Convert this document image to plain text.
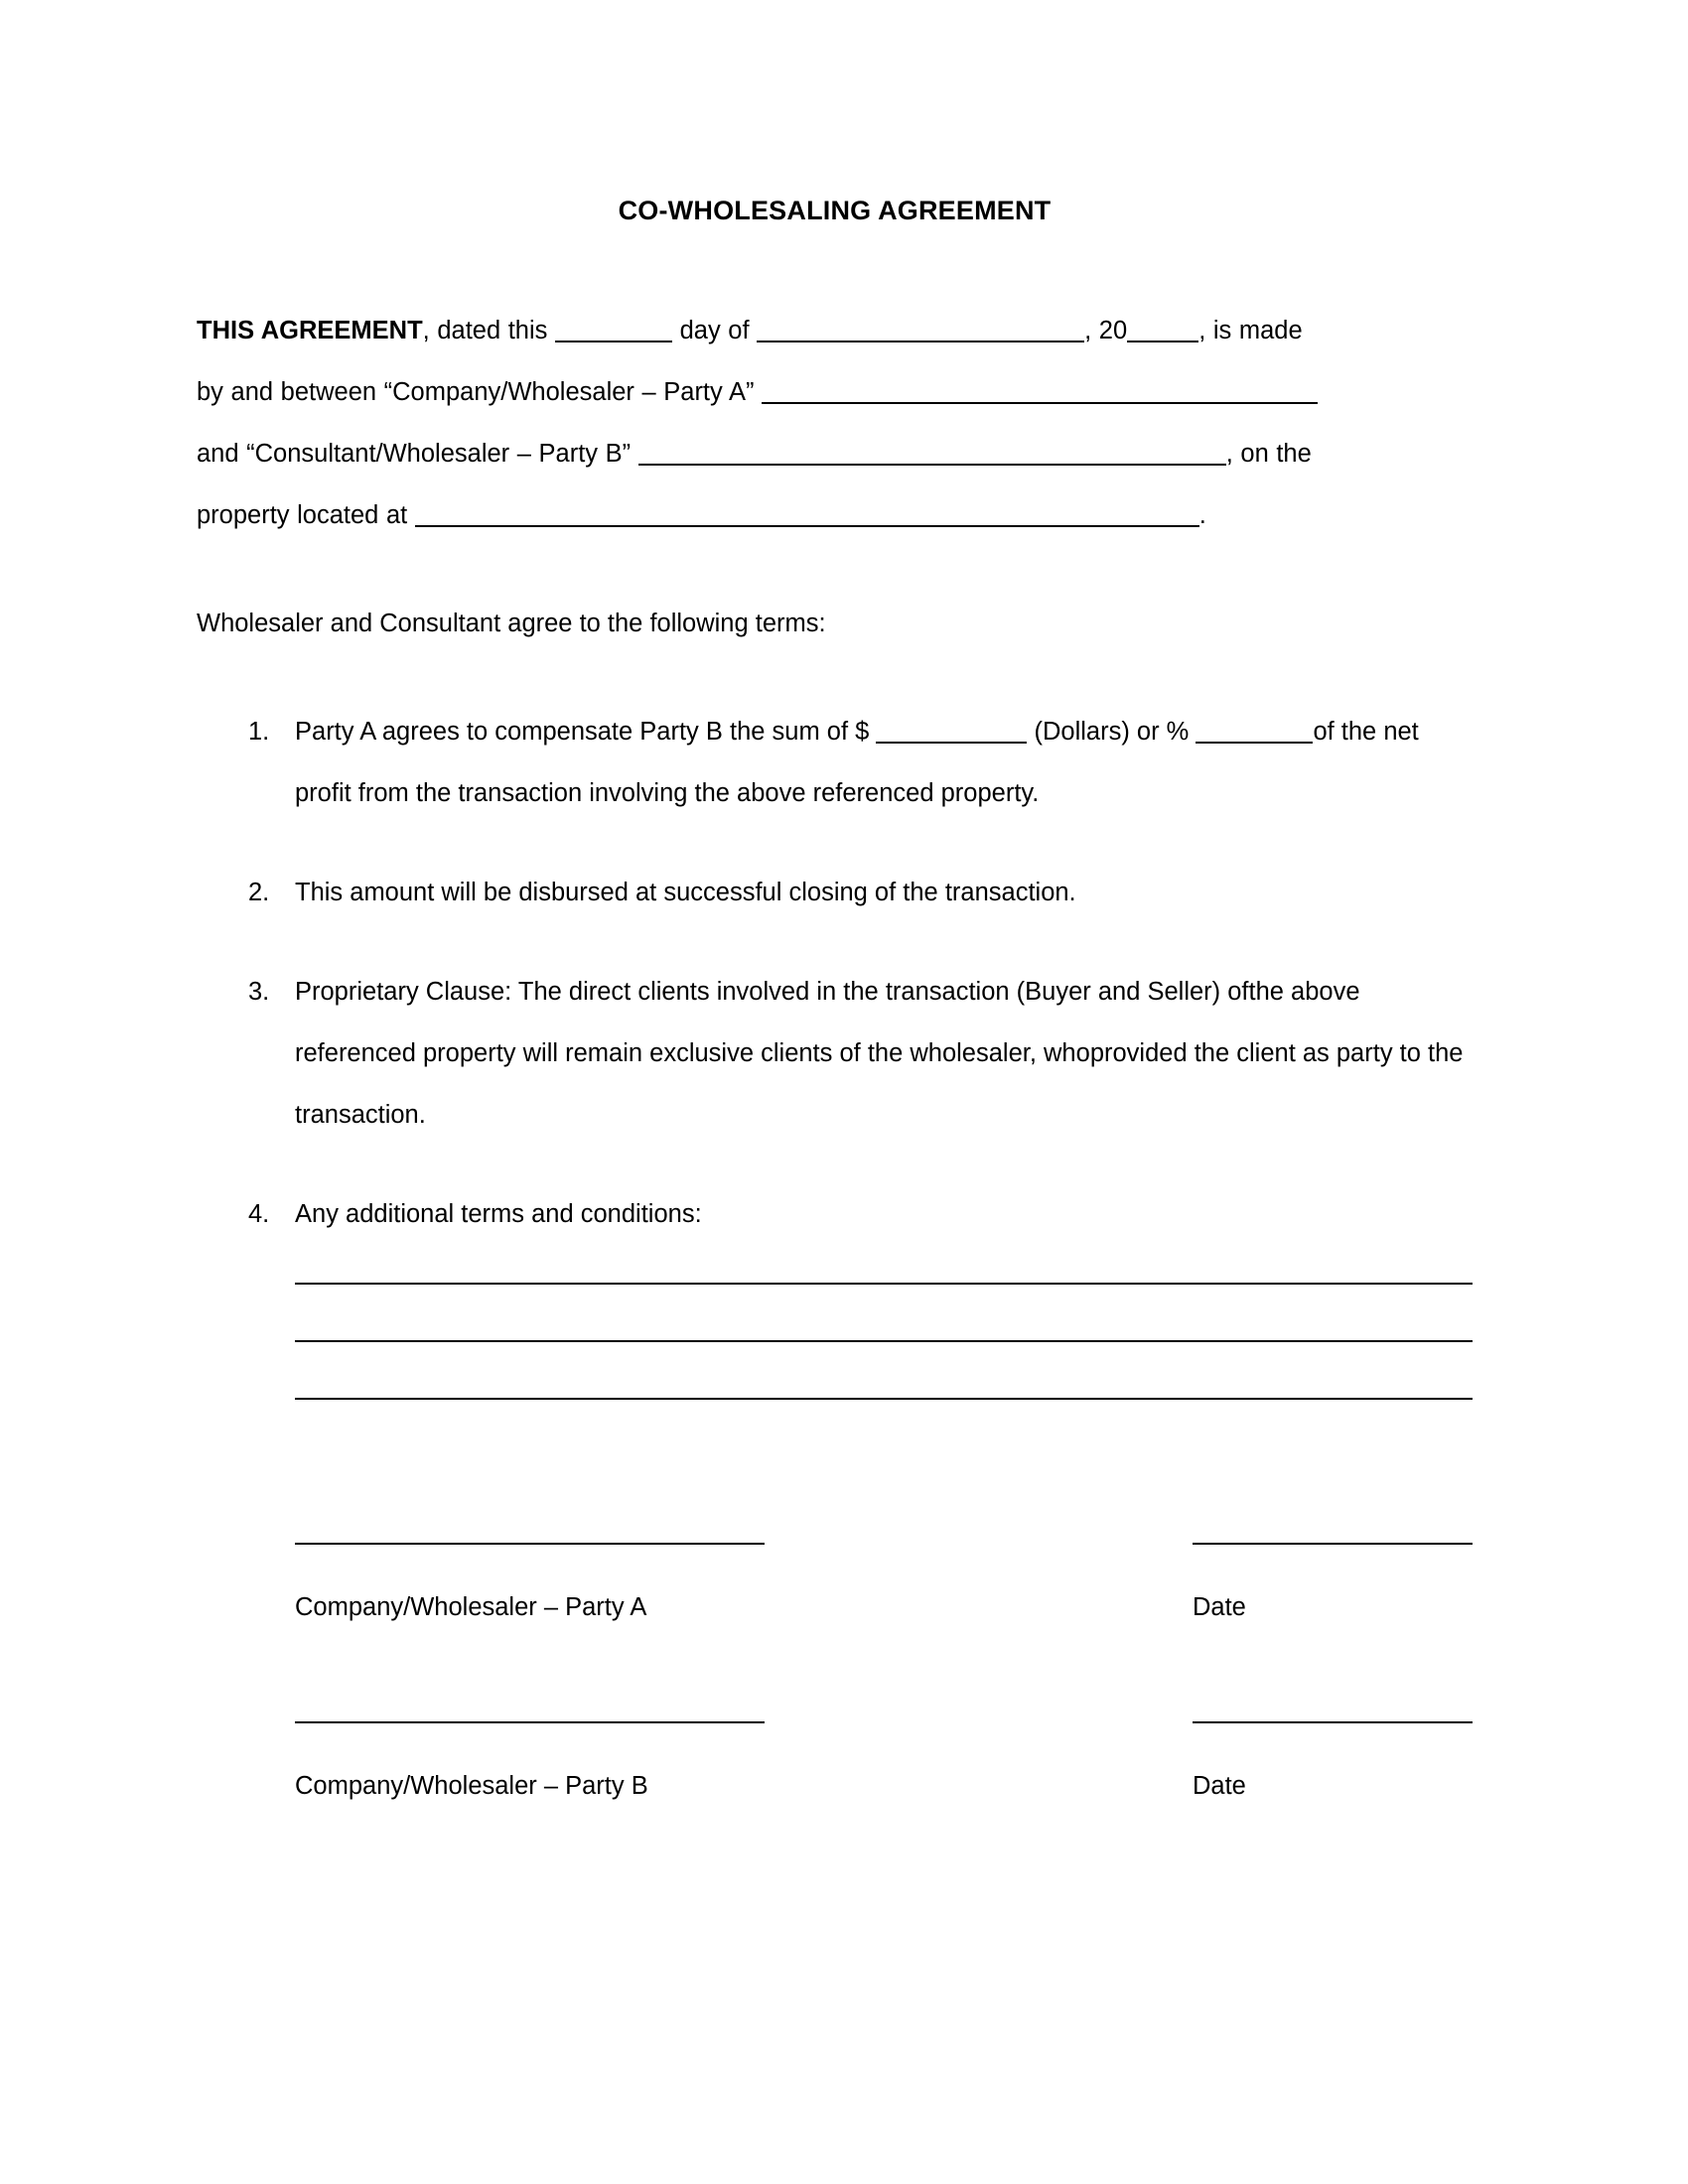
CO-WHOLESALING AGREEMENT
THIS AGREEMENT, dated this	day of	, 20	, is made
by and between “Company/Wholesaler – Party A”
and “Consultant/Wholesaler – Party B”	, on the
property located at	.
Wholesaler and Consultant agree to the following terms:
1.	Party A agrees to compensate Party B the sum of $	(Dollars) or %	of the net profit from the transaction involving the above referenced property.
2.	This amount will be disbursed at successful closing of the transaction.
3.	Proprietary Clause: The direct clients involved in the transaction (Buyer and Seller) ofthe above referenced property will remain exclusive clients of the wholesaler, whoprovided the client as party to the transaction.
4.	Any additional terms and conditions:
Company/Wholesaler – Party A	Date
Company/Wholesaler – Party B	Date
